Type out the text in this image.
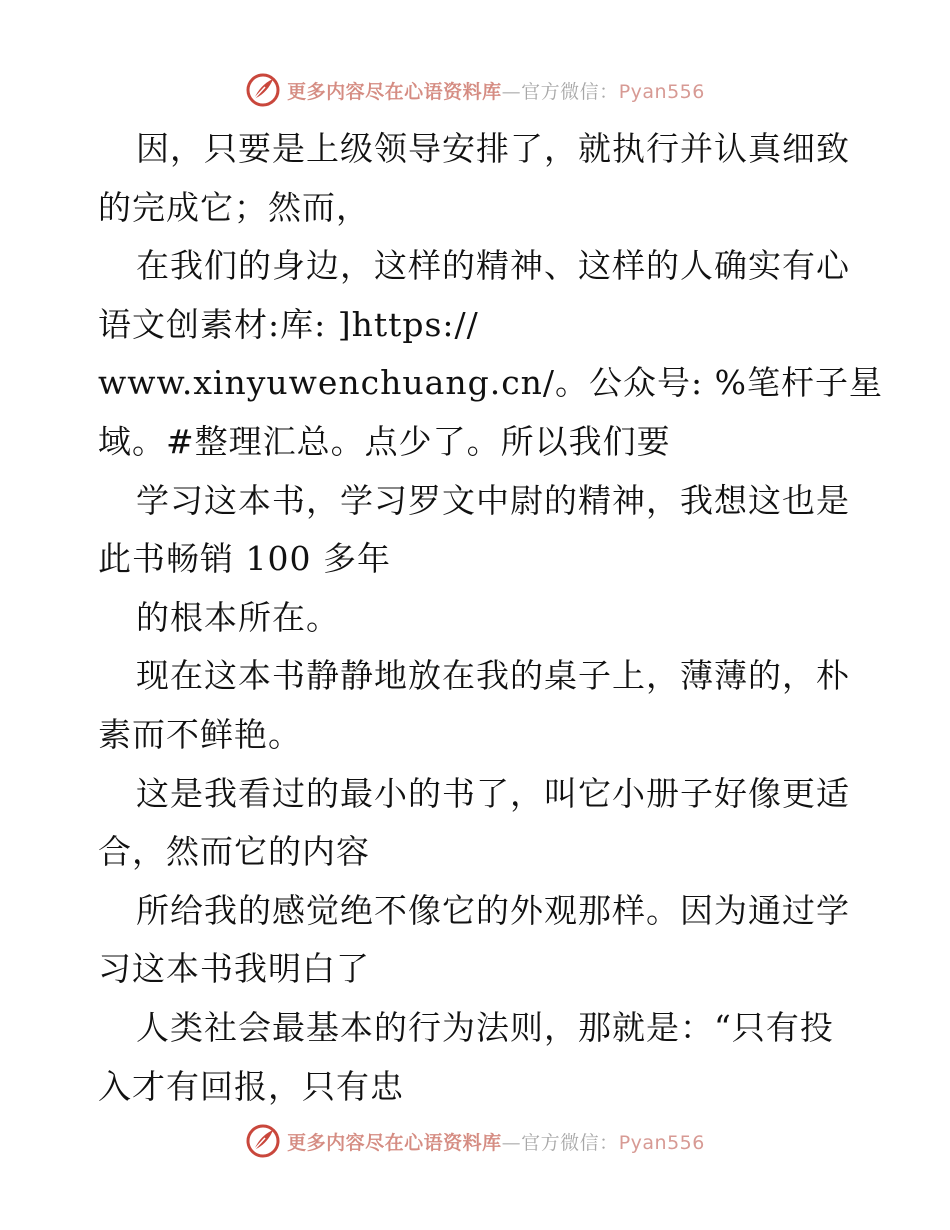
更多内容尽在心语资料库—官方微信：Pyan556

因，只要是上级领导安排了，就执行并认真细致
的完成它；然而，

在我们的身边，这样的精神、这样的人确实有心
语文创素材:库: ]https://
www.xinyuwenchuang.cn/。公众号: %笔杆子星
域。#整理汇总。点少了。所以我们要

学习这本书，学习罗文中尉的精神，我想这也是
此书畅销 100 多年

的根本所在。

现在这本书静静地放在我的桌子上，薄薄的，朴
素而不鲜艳。

这是我看过的最小的书了，叫它小册子好像更适
合，然而它的内容

所给我的感觉绝不像它的外观那样。因为通过学
习这本书我明白了

人类社会最基本的行为法则，那就是：“只有投
入才有回报，只有忠

更多内容尽在心语资料库—官方微信：Pyan556
